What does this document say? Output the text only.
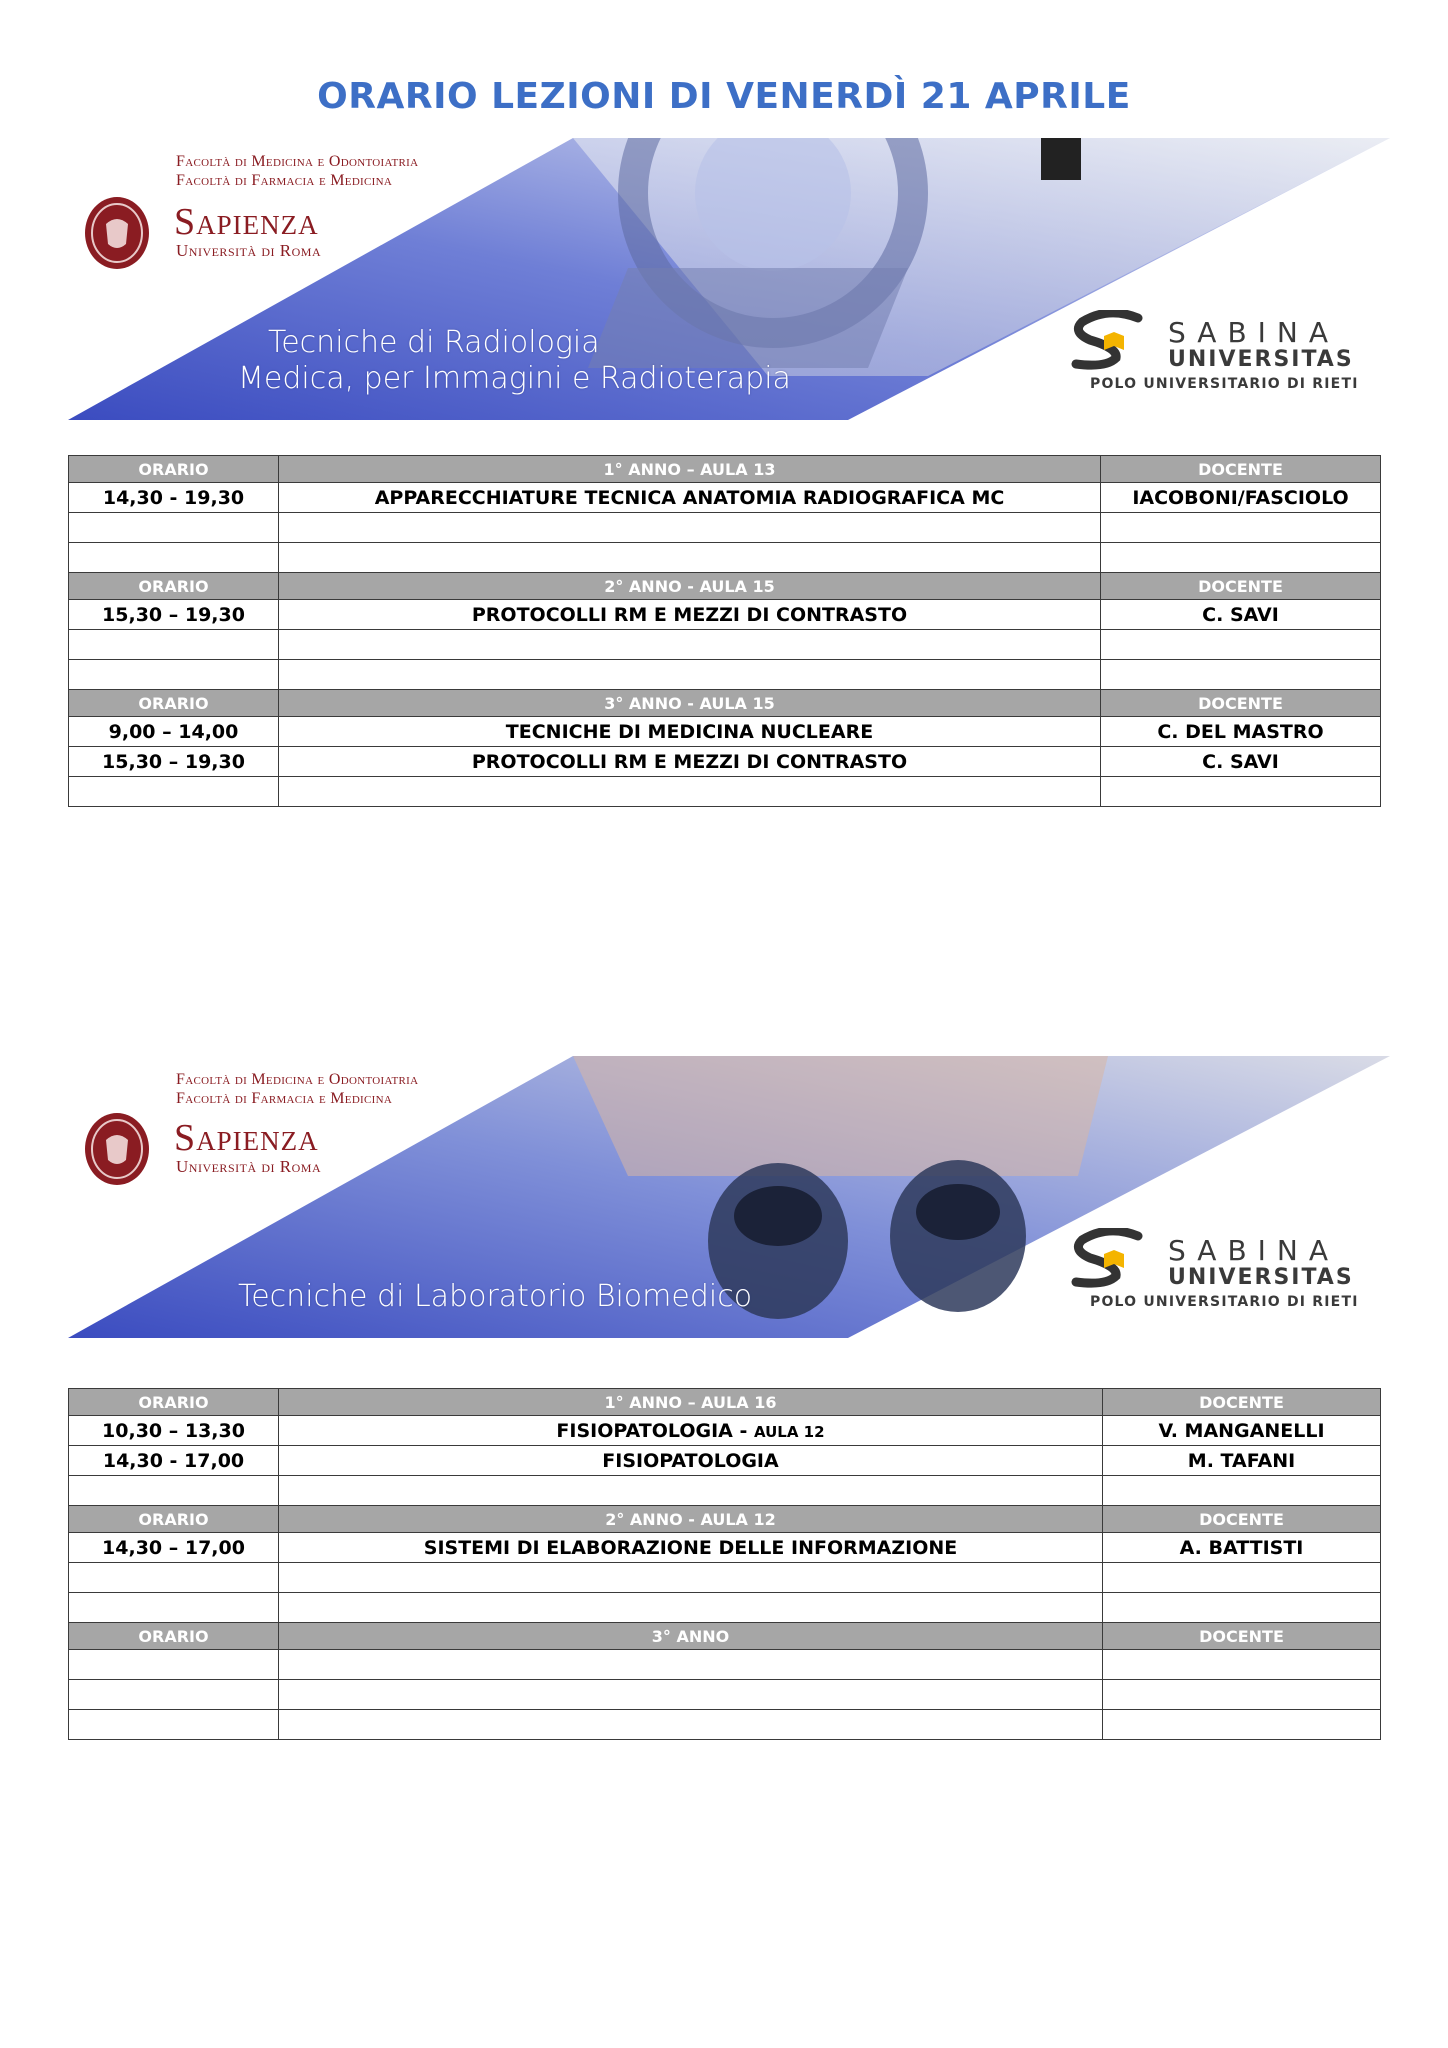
ORARIO LEZIONI DI VENERDÌ 21 APRILE
Facoltà di Medicina e Odontoiatria
Facoltà di Farmacia e Medicina
Sapienza
Università di Roma
Tecniche di Radiologia
Medica, per Immagini e Radioterapia
SABINA
UNIVERSITAS
POLO UNIVERSITARIO DI RIETI
ORARIO	1° ANNO – AULA 13	DOCENTE
14,30 - 19,30	APPARECCHIATURE TECNICA ANATOMIA RADIOGRAFICA MC	IACOBONI/FASCIOLO

ORARIO	2° ANNO - AULA 15	DOCENTE
15,30 – 19,30	PROTOCOLLI RM E MEZZI DI CONTRASTO	C. SAVI

ORARIO	3° ANNO - AULA 15	DOCENTE
9,00 – 14,00	TECNICHE DI MEDICINA NUCLEARE	C. DEL MASTRO
15,30 – 19,30	PROTOCOLLI RM E MEZZI DI CONTRASTO	C. SAVI

Facoltà di Medicina e Odontoiatria
Facoltà di Farmacia e Medicina
Sapienza
Università di Roma
Tecniche di Laboratorio Biomedico
SABINA
UNIVERSITAS
POLO UNIVERSITARIO DI RIETI
ORARIO	1° ANNO – AULA 16	DOCENTE
10,30 – 13,30	FISIOPATOLOGIA - AULA 12	V. MANGANELLI
14,30 - 17,00	FISIOPATOLOGIA	M. TAFANI

ORARIO	2° ANNO - AULA 12	DOCENTE
14,30 – 17,00	SISTEMI DI ELABORAZIONE DELLE INFORMAZIONE	A. BATTISTI

ORARIO	3° ANNO	DOCENTE
